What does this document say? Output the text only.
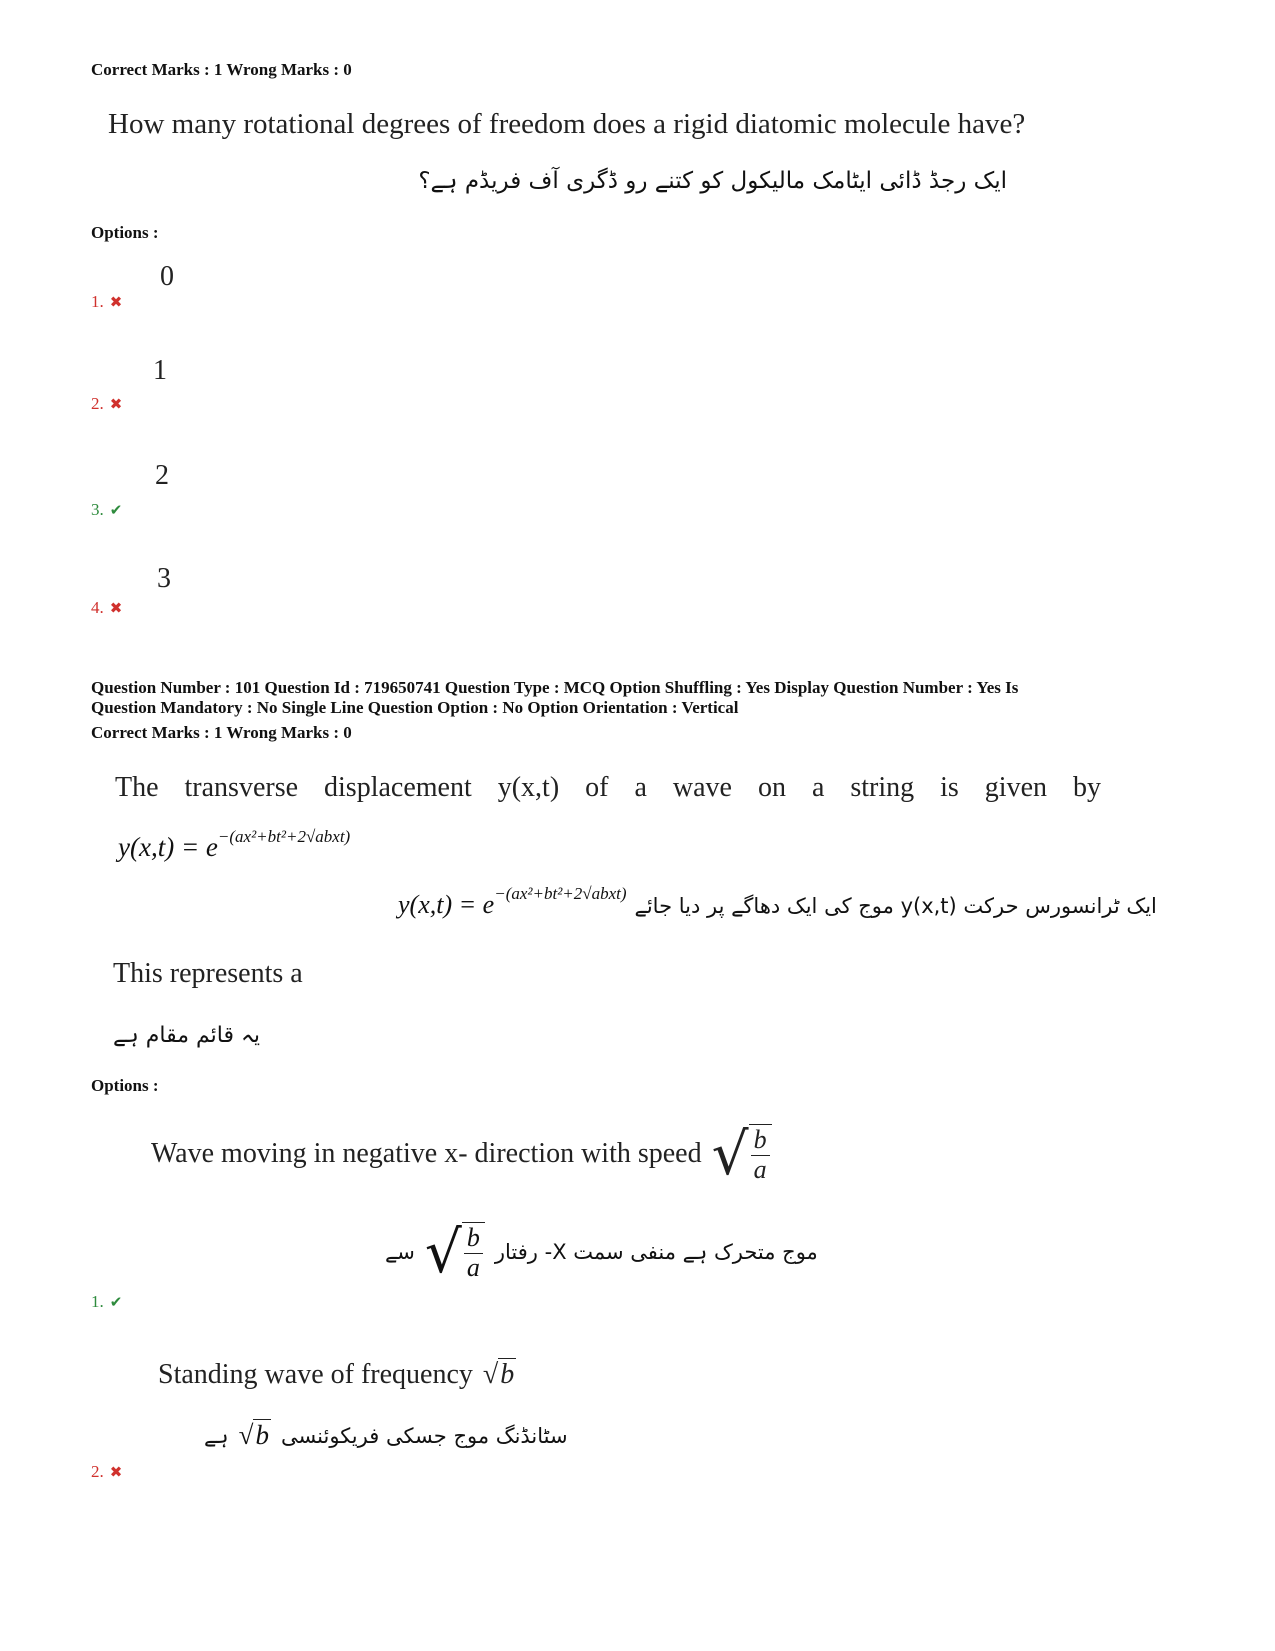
Correct Marks : 1 Wrong Marks : 0
How many rotational degrees of freedom does a rigid diatomic molecule have?
ایک رجڈ ڈائی ایٹامک مالیکول کو کتنے رو ڈگری آف فریڈم ہے؟
Options :
0
1. ✖
1
2. ✖
2
3. ✔
3
4. ✖
Question Number : 101 Question Id : 719650741 Question Type : MCQ Option Shuffling : Yes Display Question Number : Yes Is
Question Mandatory : No Single Line Question Option : No Option Orientation : Vertical
Correct Marks : 1 Wrong Marks : 0
The transverse displacement y(x,t) of a wave on a string is given by
$y(x,t) = e^{-(ax^2+bt^2+2√abxt)}$
$y(x,t) = e^{-(ax^2+bt^2+2√abxt)}$
ایک ٹرانسورس حرکت y(x,t) موج کی ایک دھاگے پر دیا جائے
This represents a
یہ قائم مقام ہے
Options :
Wave moving in negative x- direction with speed √ $\frac{b}{a}$
سے √ $\frac{b}{a}$ موج متحرک ہے منفی سمت X- رفتار
1. ✔
Standing wave of frequency √b
ہے √b سٹانڈنگ موج جسکی فریکوئنسی
2. ✖
